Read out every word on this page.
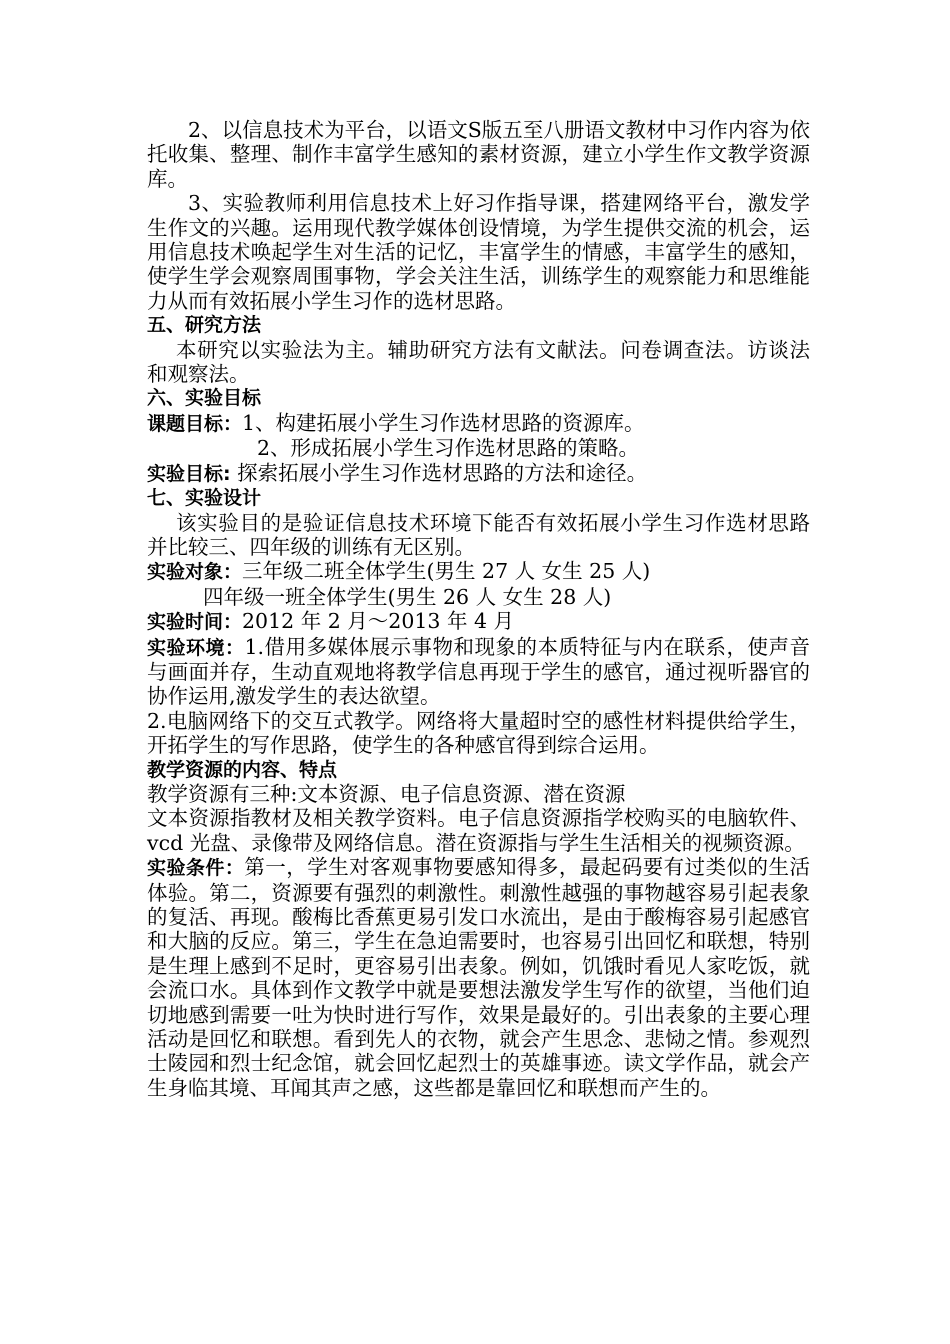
2、以信息技术为平台，以语文S版五至八册语文教材中习作内容为依托收集、整理、制作丰富学生感知的素材资源，建立小学生作文教学资源库。

3、实验教师利用信息技术上好习作指导课，搭建网络平台，激发学生作文的兴趣。运用现代教学媒体创设情境，为学生提供交流的机会，运用信息技术唤起学生对生活的记忆，丰富学生的情感，丰富学生的感知，使学生学会观察周围事物，学会关注生活，训练学生的观察能力和思维能力从而有效拓展小学生习作的选材思路。

五、研究方法

本研究以实验法为主。辅助研究方法有文献法。问卷调查法。访谈法和观察法。

六、实验目标

课题目标：1、构建拓展小学生习作选材思路的资源库。

2、形成拓展小学生习作选材思路的策略。

实验目标: 探索拓展小学生习作选材思路的方法和途径。

七、实验设计

该实验目的是验证信息技术环境下能否有效拓展小学生习作选材思路并比较三、四年级的训练有无区别。

实验对象：三年级二班全体学生(男生 27 人 女生 25 人)

四年级一班全体学生(男生 26 人 女生 28 人)

实验时间：2012 年 2 月～2013 年 4 月

实验环境：1.借用多媒体展示事物和现象的本质特征与内在联系，使声音与画面并存，生动直观地将教学信息再现于学生的感官，通过视听器官的协作运用,激发学生的表达欲望。

2.电脑网络下的交互式教学。网络将大量超时空的感性材料提供给学生，开拓学生的写作思路，使学生的各种感官得到综合运用。

教学资源的内容、特点

教学资源有三种:文本资源、电子信息资源、潜在资源

文本资源指教材及相关教学资料。电子信息资源指学校购买的电脑软件、vcd 光盘、录像带及网络信息。潜在资源指与学生生活相关的视频资源。

实验条件：第一，学生对客观事物要感知得多，最起码要有过类似的生活体验。第二，资源要有强烈的刺激性。刺激性越强的事物越容易引起表象的复活、再现。酸梅比香蕉更易引发口水流出，是由于酸梅容易引起感官和大脑的反应。第三，学生在急迫需要时，也容易引出回忆和联想，特别是生理上感到不足时，更容易引出表象。例如，饥饿时看见人家吃饭，就会流口水。具体到作文教学中就是要想法激发学生写作的欲望，当他们迫切地感到需要一吐为快时进行写作，效果是最好的。引出表象的主要心理活动是回忆和联想。看到先人的衣物，就会产生思念、悲恸之情。参观烈士陵园和烈士纪念馆，就会回忆起烈士的英雄事迹。读文学作品，就会产生身临其境、耳闻其声之感，这些都是靠回忆和联想而产生的。
